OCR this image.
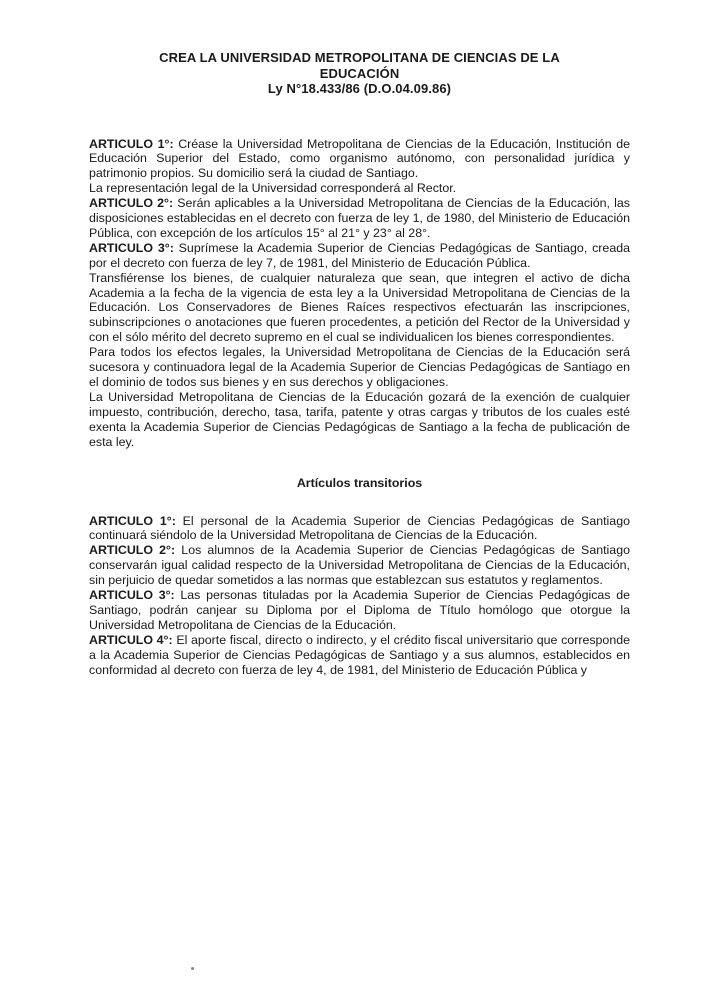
CREA LA UNIVERSIDAD METROPOLITANA DE CIENCIAS DE LA
EDUCACIÓN
Ly N°18.433/86 (D.O.04.09.86)

ARTICULO 1°: Créase la Universidad Metropolitana de Ciencias de la Educación, Institución de Educación Superior del Estado, como organismo autónomo, con personalidad jurídica y patrimonio propios. Su domicilio será la ciudad de Santiago.

La representación legal de la Universidad corresponderá al Rector.

ARTICULO 2°: Serán aplicables a la Universidad Metropolitana de Ciencias de la Educación, las disposiciones establecidas en el decreto con fuerza de ley 1, de 1980, del Ministerio de Educación Pública, con excepción de los artículos 15° al 21° y 23° al 28°.

ARTICULO 3°: Suprímese la Academia Superior de Ciencias Pedagógicas de Santiago, creada por el decreto con fuerza de ley 7, de 1981, del Ministerio de Educación Pública.

Transfiérense los bienes, de cualquier naturaleza que sean, que integren el activo de dicha Academia a la fecha de la vigencia de esta ley a la Universidad Metropolitana de Ciencias de la Educación. Los Conservadores de Bienes Raíces respectivos efectuarán las inscripciones, subinscripciones o anotaciones que fueren procedentes, a petición del Rector de la Universidad y con el sólo mérito del decreto supremo en el cual se individualicen los bienes correspondientes.

Para todos los efectos legales, la Universidad Metropolitana de Ciencias de la Educación será sucesora y continuadora legal de la Academia Superior de Ciencias Pedagógicas de Santiago en el dominio de todos sus bienes y en sus derechos y obligaciones.

La Universidad Metropolitana de Ciencias de la Educación gozará de la exención de cualquier impuesto, contribución, derecho, tasa, tarifa, patente y otras cargas y tributos de los cuales esté exenta la Academia Superior de Ciencias Pedagógicas de Santiago a la fecha de publicación de esta ley.

Artículos transitorios

ARTICULO 1°: El personal de la Academia Superior de Ciencias Pedagógicas de Santiago continuará siéndolo de la Universidad Metropolitana de Ciencias de la Educación.

ARTICULO 2°: Los alumnos de la Academia Superior de Ciencias Pedagógicas de Santiago conservarán igual calidad respecto de la Universidad Metropolitana de Ciencias de la Educación, sin perjuicio de quedar sometidos a las normas que establezcan sus estatutos y reglamentos.

ARTICULO 3°: Las personas tituladas por la Academia Superior de Ciencias Pedagógicas de Santiago, podrán canjear su Diploma por el Diploma de Título homólogo que otorgue la Universidad Metropolitana de Ciencias de la Educación.

ARTICULO 4°: El aporte fiscal, directo o indirecto, y el crédito fiscal universitario que corresponde a la Academia Superior de Ciencias Pedagógicas de Santiago y a sus alumnos, establecidos en conformidad al decreto con fuerza de ley 4, de 1981, del Ministerio de Educación Pública y
